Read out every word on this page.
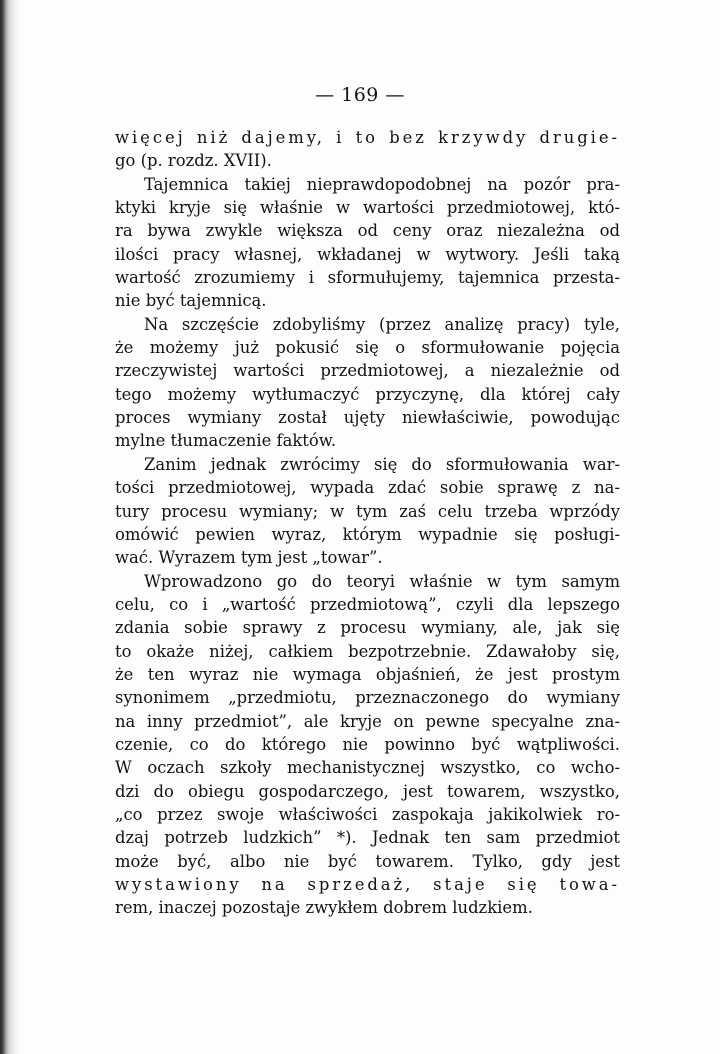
— 169 —
więcej niż dajemy, i to bez krzywdy drugie-
go (p. rozdz. XVII).
Tajemnica takiej nieprawdopodobnej na pozór pra-
ktyki kryje się właśnie w wartości przedmiotowej, któ-
ra bywa zwykle większa od ceny oraz niezależna od
ilości pracy własnej, wkładanej w wytwory. Jeśli taką
wartość zrozumiemy i sformułujemy, tajemnica przesta-
nie być tajemnicą.
Na szczęście zdobyliśmy (przez analizę pracy) tyle,
że możemy już pokusić się o sformułowanie pojęcia
rzeczywistej wartości przedmiotowej, a niezależnie od
tego możemy wytłumaczyć przyczynę, dla której cały
proces wymiany został ujęty niewłaściwie, powodując
mylne tłumaczenie faktów.
Zanim jednak zwrócimy się do sformułowania war-
tości przedmiotowej, wypada zdać sobie sprawę z na-
tury procesu wymiany; w tym zaś celu trzeba wprzódy
omówić pewien wyraz, którym wypadnie się posługi-
wać. Wyrazem tym jest „towar”.
Wprowadzono go do teoryi właśnie w tym samym
celu, co i „wartość przedmiotową”, czyli dla lepszego
zdania sobie sprawy z procesu wymiany, ale, jak się
to okaże niżej, całkiem bezpotrzebnie. Zdawałoby się,
że ten wyraz nie wymaga objaśnień, że jest prostym
synonimem „przedmiotu, przeznaczonego do wymiany
na inny przedmiot”, ale kryje on pewne specyalne zna-
czenie, co do którego nie powinno być wątpliwości.
W oczach szkoły mechanistycznej wszystko, co wcho-
dzi do obiegu gospodarczego, jest towarem, wszystko,
„co przez swoje właściwości zaspokaja jakikolwiek ro-
dzaj potrzeb ludzkich” *). Jednak ten sam przedmiot
może być, albo nie być towarem. Tylko, gdy jest
wystawiony na sprzedaż, staje się towa-
rem, inaczej pozostaje zwykłem dobrem ludzkiem.
